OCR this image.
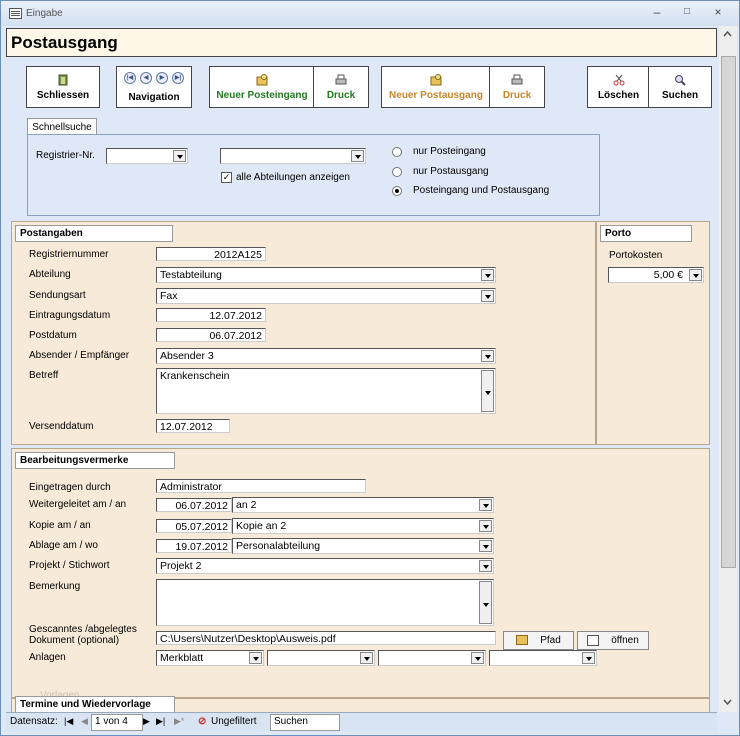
Eingabe	–	□	×
Postausgang
Schliessen
|◀ ◀ ▶ ▶|
Navigation	Neuer Posteingang	Druck	Neuer Postausgang	Druck	Löschen	Suchen
Schnellsuche
Registrier-Nr.
✓ alle Abteilungen anzeigen
nur Posteingang
nur Postausgang
Posteingang und Postausgang
Postangaben
Registriernummer	2012A125
Abteilung	Testabteilung
Sendungsart	Fax
Eintragungsdatum	12.07.2012
Postdatum	06.07.2012
Absender / Empfänger	Absender 3
Betreff	Krankenschein
Versenddatum	12.07.2012
Porto
Portokosten
5,00 €
Bearbeitungsvermerke
Eingetragen durch	Administrator
Weitergeleitet am / an	06.07.2012 an 2
Kopie am / an	05.07.2012 Kopie an 2
Ablage am / wo	19.07.2012 Personalabteilung
Projekt / Stichwort	Projekt 2
Bemerkung
Gescanntes /abgelegtes Dokument (optional)	C:\Users\Nutzer\Desktop\Ausweis.pdf	Pfad	öffnen
Anlagen	Merkblatt
Termine und Wiedervorlage
Datensatz: |◀ ◀ 1 von 4	▶ ▶| ▶* ⊘ Ungefiltert	Suchen
